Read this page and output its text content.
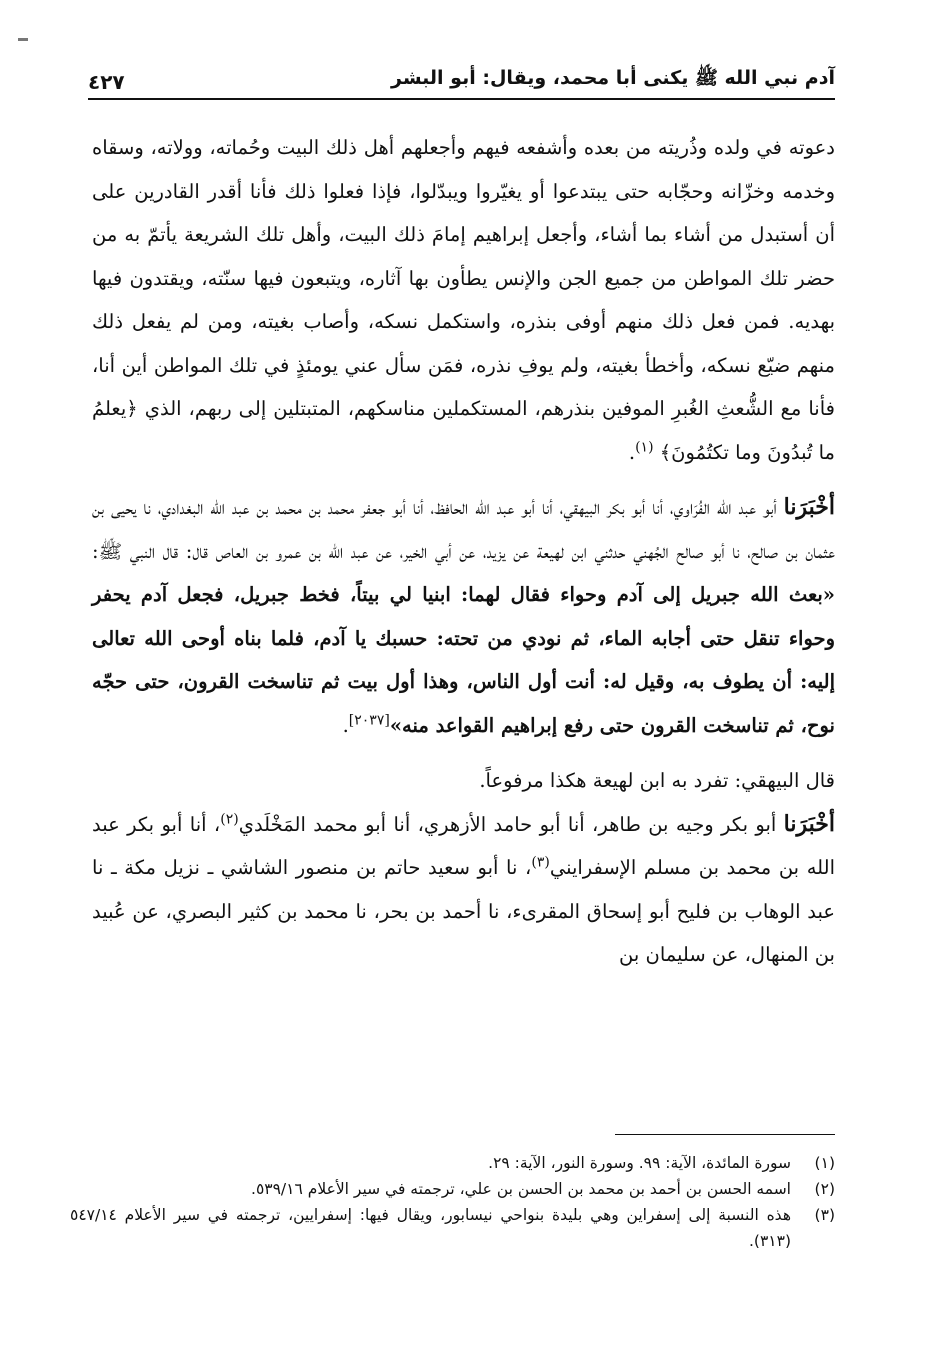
آدم نبي الله ﷺ يكنى أبا محمد، ويقال: أبو البشر
٤٢٧

دعوته في ولده وذُريته من بعده وأشفعه فيهم وأجعلهم أهل ذلك البيت وحُماته، وولاته، وسقاه وخدمه وخزّانه وحجّابه حتى يبتدعوا أو يغيّروا ويبدّلوا، فإذا فعلوا ذلك فأنا أقدر القادرين على أن أستبدل من أشاء بما أشاء، وأجعل إبراهيم إمامَ ذلك البيت، وأهل تلك الشريعة يأتمّ به من حضر تلك المواطن من جميع الجن والإنس يطأون بها آثاره، ويتبعون فيها سنّته، ويقتدون فيها بهديه. فمن فعل ذلك منهم أوفى بنذره، واستكمل نسكه، وأصاب بغيته، ومن لم يفعل ذلك منهم ضيّع نسكه، وأخطأ بغيته، ولم يوفِ نذره، فمَن سأل عني يومئذٍ في تلك المواطن أين أنا، فأنا مع الشُّعثِ الغُبرِ الموفين بنذرهم، المستكملين مناسكهم، المتبتلين إلى ربهم، الذي ﴿يعلمُ ما تُبدُونَ وما تكتُمُونَ﴾ $^{(١)}$.

أخْبَرَنا أبو عبد الله الفُرَاوي، أنا أبو بكر البيهقي، أنا أبو عبد الله الحافظ، أنا أبو جعفر محمد بن محمد بن عبد الله البغدادي، نا يحيى بن عثمان بن صالح، نا أبو صالح الجُهني حدثني ابن لهيعة عن يزيد، عن أبي الخير، عن عبد الله بن عمرو بن العاص قال: قال النبي ﷺ: «بعث الله جبريل إلى آدم وحواء فقال لهما: ابنيا لي بيتاً، فخط جبريل، فجعل آدم يحفر وحواء تنقل حتى أجابه الماء، ثم نودي من تحته: حسبك يا آدم، فلما بناه أوحى الله تعالى إليه: أن يطوف به، وقيل له: أنت أول الناس، وهذا أول بيت ثم تناسخت القرون، حتى حجّه نوح، ثم تناسخت القرون حتى رفع إبراهيم القواعد منه»[٢٠٣٧].

قال البيهقي: تفرد به ابن لهيعة هكذا مرفوعاً.

أخْبَرَنا أبو بكر وجيه بن طاهر، أنا أبو حامد الأزهري، أنا أبو محمد المَخْلَدي$^{(٢)}$، أنا أبو بكر عبد الله بن محمد بن مسلم الإسفرايني$^{(٣)}$، نا أبو سعيد حاتم بن منصور الشاشي ـ نزيل مكة ـ نا عبد الوهاب بن فليح أبو إسحاق المقرىء، نا أحمد بن بحر، نا محمد بن كثير البصري، عن عُبيد بن المنهال، عن سليمان بن

(١)
سورة المائدة، الآية: ٩٩. وسورة النور، الآية: ٢٩.
(٢)
اسمه الحسن بن أحمد بن محمد بن الحسن بن علي، ترجمته في سير الأعلام ٥٣٩/١٦.
(٣)
هذه النسبة إلى إسفراين وهي بليدة بنواحي نيسابور، ويقال فيها: إسفرايين، ترجمته في سير الأعلام ٥٤٧/١٤ (٣١٣).
